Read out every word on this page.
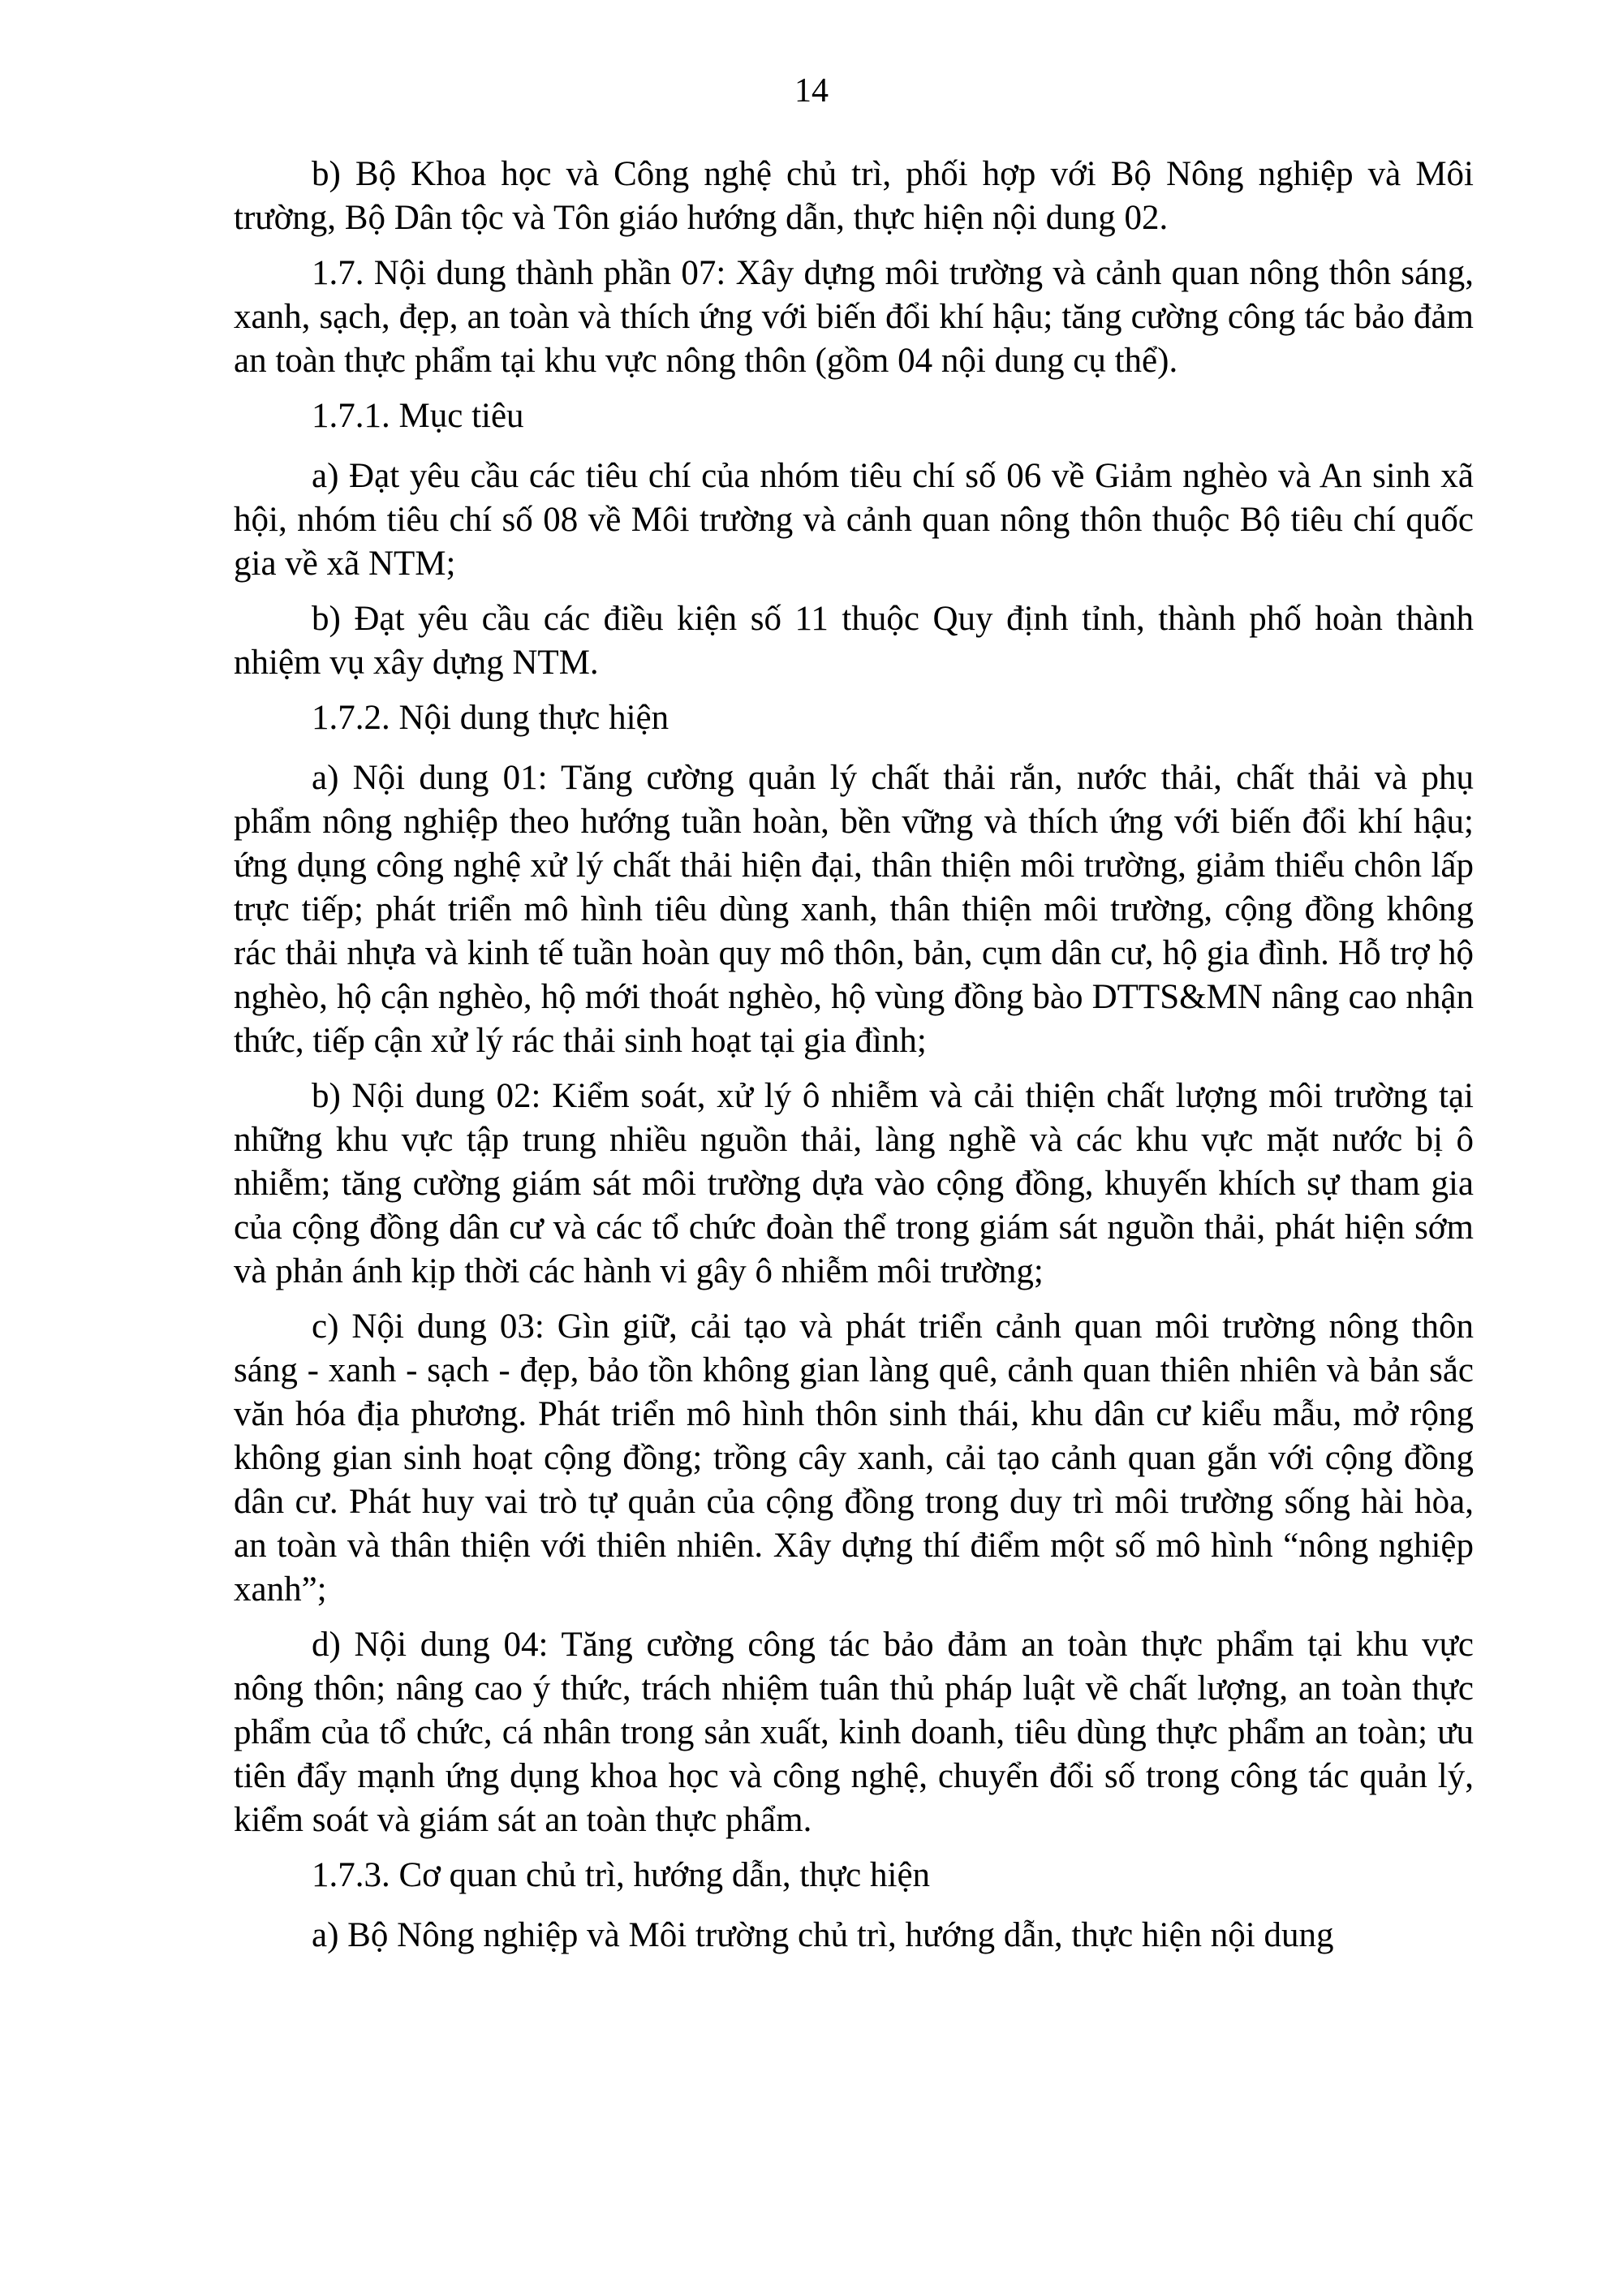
14

b) Bộ Khoa học và Công nghệ chủ trì, phối hợp với Bộ Nông nghiệp và Môi trường, Bộ Dân tộc và Tôn giáo hướng dẫn, thực hiện nội dung 02.

1.7. Nội dung thành phần 07: Xây dựng môi trường và cảnh quan nông thôn sáng, xanh, sạch, đẹp, an toàn và thích ứng với biến đổi khí hậu; tăng cường công tác bảo đảm an toàn thực phẩm tại khu vực nông thôn (gồm 04 nội dung cụ thể).

1.7.1. Mục tiêu

a) Đạt yêu cầu các tiêu chí của nhóm tiêu chí số 06 về Giảm nghèo và An sinh xã hội, nhóm tiêu chí số 08 về Môi trường và cảnh quan nông thôn thuộc Bộ tiêu chí quốc gia về xã NTM;

b) Đạt yêu cầu các điều kiện số 11 thuộc Quy định tỉnh, thành phố hoàn thành nhiệm vụ xây dựng NTM.

1.7.2. Nội dung thực hiện

a) Nội dung 01: Tăng cường quản lý chất thải rắn, nước thải, chất thải và phụ phẩm nông nghiệp theo hướng tuần hoàn, bền vững và thích ứng với biến đổi khí hậu; ứng dụng công nghệ xử lý chất thải hiện đại, thân thiện môi trường, giảm thiểu chôn lấp trực tiếp; phát triển mô hình tiêu dùng xanh, thân thiện môi trường, cộng đồng không rác thải nhựa và kinh tế tuần hoàn quy mô thôn, bản, cụm dân cư, hộ gia đình. Hỗ trợ hộ nghèo, hộ cận nghèo, hộ mới thoát nghèo, hộ vùng đồng bào DTTS&MN nâng cao nhận thức, tiếp cận xử lý rác thải sinh hoạt tại gia đình;

b) Nội dung 02: Kiểm soát, xử lý ô nhiễm và cải thiện chất lượng môi trường tại những khu vực tập trung nhiều nguồn thải, làng nghề và các khu vực mặt nước bị ô nhiễm; tăng cường giám sát môi trường dựa vào cộng đồng, khuyến khích sự tham gia của cộng đồng dân cư và các tổ chức đoàn thể trong giám sát nguồn thải, phát hiện sớm và phản ánh kịp thời các hành vi gây ô nhiễm môi trường;

c) Nội dung 03: Gìn giữ, cải tạo và phát triển cảnh quan môi trường nông thôn sáng - xanh - sạch - đẹp, bảo tồn không gian làng quê, cảnh quan thiên nhiên và bản sắc văn hóa địa phương. Phát triển mô hình thôn sinh thái, khu dân cư kiểu mẫu, mở rộng không gian sinh hoạt cộng đồng; trồng cây xanh, cải tạo cảnh quan gắn với cộng đồng dân cư. Phát huy vai trò tự quản của cộng đồng trong duy trì môi trường sống hài hòa, an toàn và thân thiện với thiên nhiên. Xây dựng thí điểm một số mô hình “nông nghiệp xanh”;

d) Nội dung 04: Tăng cường công tác bảo đảm an toàn thực phẩm tại khu vực nông thôn; nâng cao ý thức, trách nhiệm tuân thủ pháp luật về chất lượng, an toàn thực phẩm của tổ chức, cá nhân trong sản xuất, kinh doanh, tiêu dùng thực phẩm an toàn; ưu tiên đẩy mạnh ứng dụng khoa học và công nghệ, chuyển đổi số trong công tác quản lý, kiểm soát và giám sát an toàn thực phẩm.

1.7.3. Cơ quan chủ trì, hướng dẫn, thực hiện

a) Bộ Nông nghiệp và Môi trường chủ trì, hướng dẫn, thực hiện nội dung
